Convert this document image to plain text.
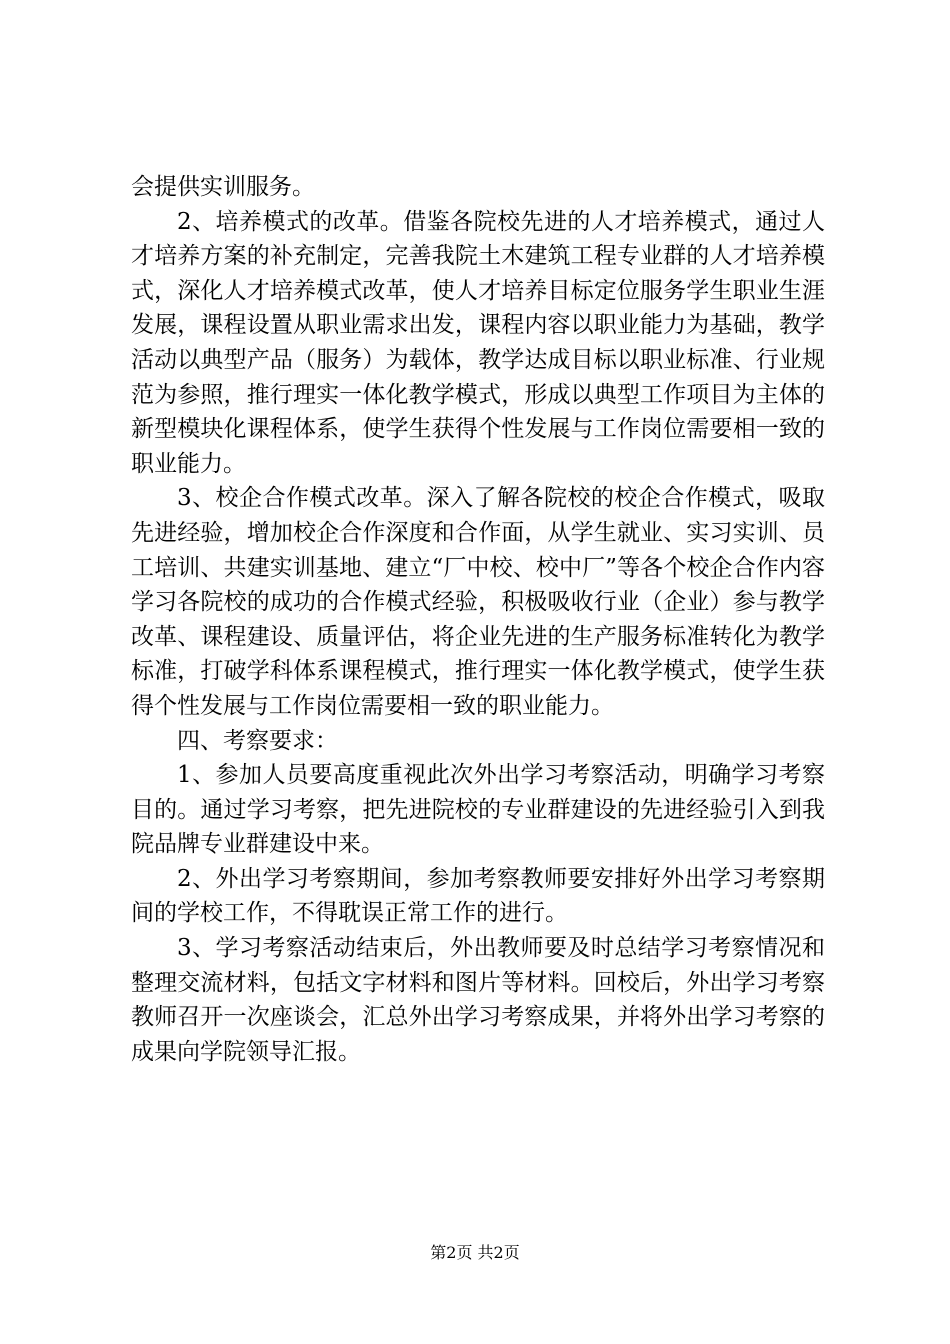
会提供实训服务。

2、培养模式的改革。借鉴各院校先进的人才培养模式，通过人才培养方案的补充制定，完善我院土木建筑工程专业群的人才培养模式，深化人才培养模式改革，使人才培养目标定位服务学生职业生涯发展，课程设置从职业需求出发，课程内容以职业能力为基础，教学活动以典型产品（服务）为载体，教学达成目标以职业标准、行业规范为参照，推行理实一体化教学模式，形成以典型工作项目为主体的新型模块化课程体系，使学生获得个性发展与工作岗位需要相一致的职业能力。

3、校企合作模式改革。深入了解各院校的校企合作模式，吸取先进经验，增加校企合作深度和合作面，从学生就业、实习实训、员工培训、共建实训基地、建立“厂中校、校中厂”等各个校企合作内容学习各院校的成功的合作模式经验，积极吸收行业（企业）参与教学改革、课程建设、质量评估，将企业先进的生产服务标准转化为教学标准，打破学科体系课程模式，推行理实一体化教学模式，使学生获得个性发展与工作岗位需要相一致的职业能力。

四、考察要求：

1、参加人员要高度重视此次外出学习考察活动，明确学习考察目的。通过学习考察，把先进院校的专业群建设的先进经验引入到我院品牌专业群建设中来。

2、外出学习考察期间，参加考察教师要安排好外出学习考察期间的学校工作，不得耽误正常工作的进行。

3、学习考察活动结束后，外出教师要及时总结学习考察情况和整理交流材料，包括文字材料和图片等材料。回校后，外出学习考察教师召开一次座谈会，汇总外出学习考察成果，并将外出学习考察的成果向学院领导汇报。

第2页 共2页
